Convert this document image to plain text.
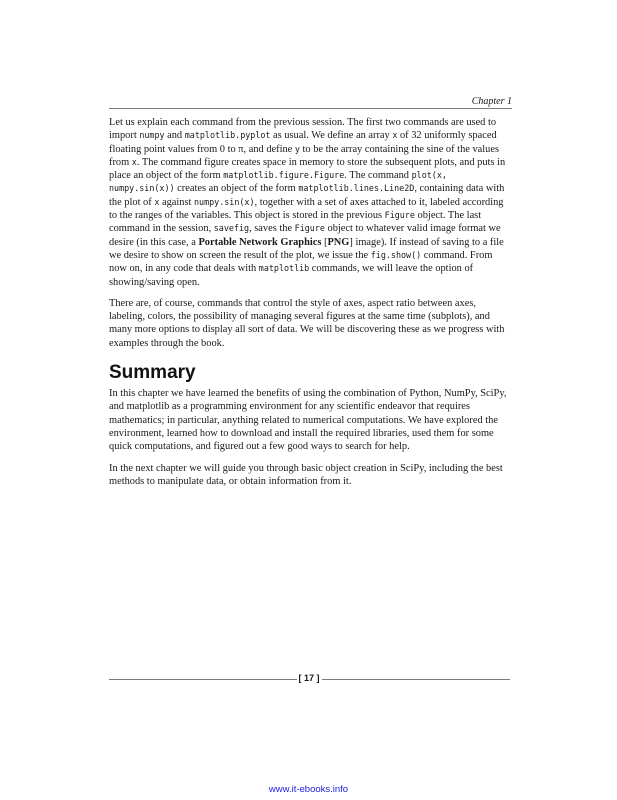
Chapter 1

Let us explain each command from the previous session. The first two commands are used to import numpy and matplotlib.pyplot as usual. We define an array x of 32 uniformly spaced floating point values from 0 to π, and define y to be the array containing the sine of the values from x. The command figure creates space in memory to store the subsequent plots, and puts in place an object of the form matplotlib.figure.Figure. The command plot(x, numpy.sin(x)) creates an object of the form matplotlib.lines.Line2D, containing data with the plot of x against numpy.sin(x), together with a set of axes attached to it, labeled according to the ranges of the variables. This object is stored in the previous Figure object. The last command in the session, savefig, saves the Figure object to whatever valid image format we desire (in this case, a Portable Network Graphics [PNG] image). If instead of saving to a file we desire to show on screen the result of the plot, we issue the fig.show() command. From now on, in any code that deals with matplotlib commands, we will leave the option of showing/saving open.

There are, of course, commands that control the style of axes, aspect ratio between axes, labeling, colors, the possibility of managing several figures at the same time (subplots), and many more options to display all sort of data. We will be discovering these as we progress with examples through the book.

Summary

In this chapter we have learned the benefits of using the combination of Python, NumPy, SciPy, and matplotlib as a programming environment for any scientific endeavor that requires mathematics; in particular, anything related to numerical computations. We have explored the environment, learned how to download and install the required libraries, used them for some quick computations, and figured out a few good ways to search for help.

In the next chapter we will guide you through basic object creation in SciPy, including the best methods to manipulate data, or obtain information from it.

[ 17 ]
www.it-ebooks.info
